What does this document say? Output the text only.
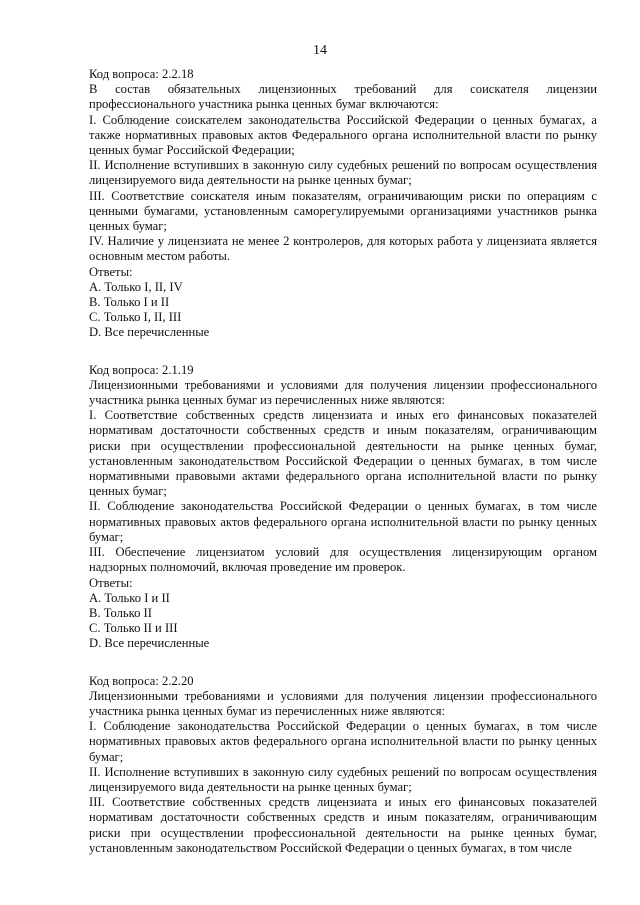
14

Код вопроса: 2.2.18

В состав обязательных лицензионных требований для соискателя лицензии профессионального участника рынка ценных бумаг включаются:

I. Соблюдение соискателем законодательства Российской Федерации о ценных бумагах, а также нормативных правовых актов Федерального органа исполнительной власти по рынку ценных бумаг Российской Федерации;

II. Исполнение вступивших в законную силу судебных решений по вопросам осуществления лицензируемого вида деятельности на рынке ценных бумаг;

III. Соответствие соискателя иным показателям, ограничивающим риски по операциям с ценными бумагами, установленным саморегулируемыми организациями участников рынка ценных бумаг;

IV. Наличие у лицензиата не менее 2 контролеров, для которых работа у лицензиата является основным местом работы.

Ответы:

A. Только I, II, IV

B. Только I и II

C. Только I, II, III

D. Все перечисленные

Код вопроса: 2.1.19

Лицензионными требованиями и условиями для получения лицензии профессионального участника рынка ценных бумаг из перечисленных ниже являются:

I. Соответствие собственных средств лицензиата и иных его финансовых показателей нормативам достаточности собственных средств и иным показателям, ограничивающим риски при осуществлении профессиональной деятельности на рынке ценных бумаг, установленным законодательством Российской Федерации о ценных бумагах, в том числе нормативными правовыми актами федерального органа исполнительной власти по рынку ценных бумаг;

II. Соблюдение законодательства Российской Федерации о ценных бумагах, в том числе нормативных правовых актов федерального органа исполнительной власти по рынку ценных бумаг;

III. Обеспечение лицензиатом условий для осуществления лицензирующим органом надзорных полномочий, включая проведение им проверок.

Ответы:

A. Только I и II

B. Только II

C. Только II и III

D. Все перечисленные

Код вопроса: 2.2.20

Лицензионными требованиями и условиями для получения лицензии профессионального участника рынка ценных бумаг из перечисленных ниже являются:

I. Соблюдение законодательства Российской Федерации о ценных бумагах, в том числе нормативных правовых актов федерального органа исполнительной власти по рынку ценных бумаг;

II. Исполнение вступивших в законную силу судебных решений по вопросам осуществления лицензируемого вида деятельности на рынке ценных бумаг;

III. Соответствие собственных средств лицензиата и иных его финансовых показателей нормативам достаточности собственных средств и иным показателям, ограничивающим риски при осуществлении профессиональной деятельности на рынке ценных бумаг, установленным законодательством Российской Федерации о ценных бумагах, в том числе
